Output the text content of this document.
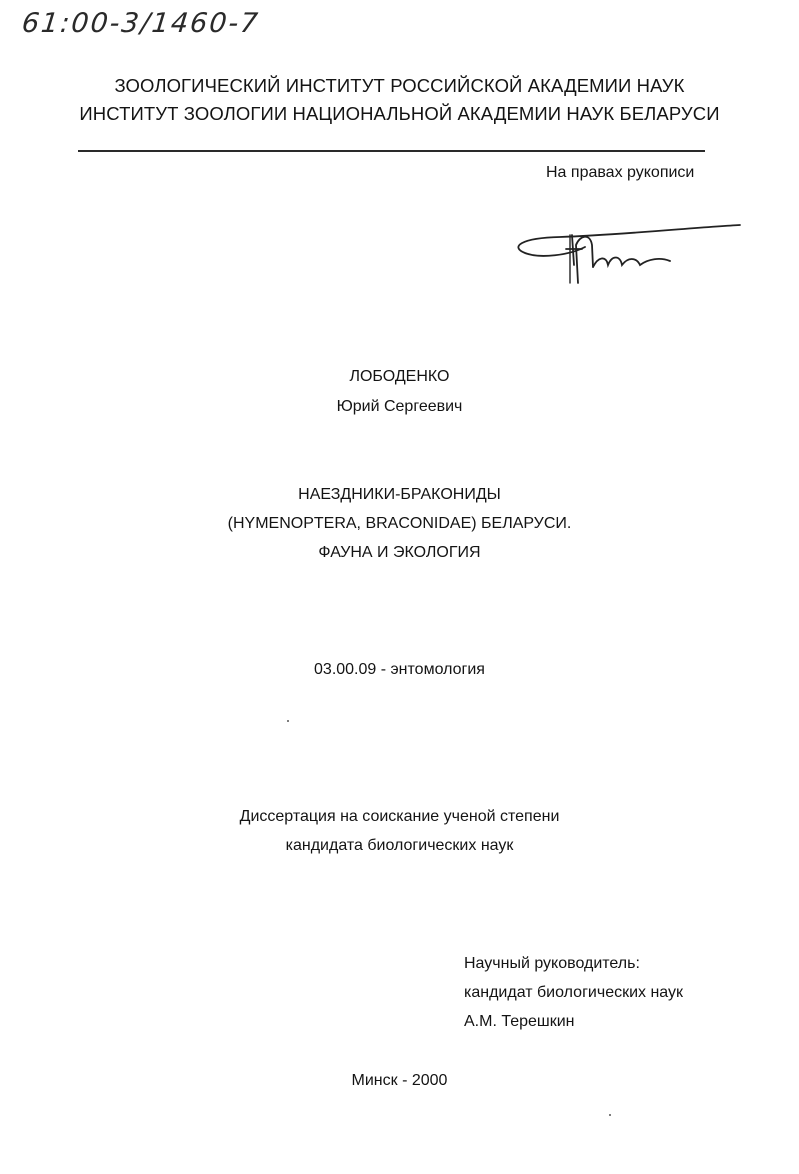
61:00-3/1460-7
ЗООЛОГИЧЕСКИЙ ИНСТИТУТ РОССИЙСКОЙ АКАДЕМИИ НАУК
ИНСТИТУТ ЗООЛОГИИ НАЦИОНАЛЬНОЙ АКАДЕМИИ НАУК БЕЛАРУСИ
На правах рукописи
ЛОБОДЕНКО
Юрий Сергеевич
НАЕЗДНИКИ-БРАКОНИДЫ
(HYMENOPTERA, BRACONIDAE) БЕЛАРУСИ.
ФАУНА И ЭКОЛОГИЯ
03.00.09 - энтомология
Диссертация на соискание ученой степени
кандидата биологических наук
Научный руководитель:
кандидат биологических наук
А.М. Терешкин
Минск - 2000
